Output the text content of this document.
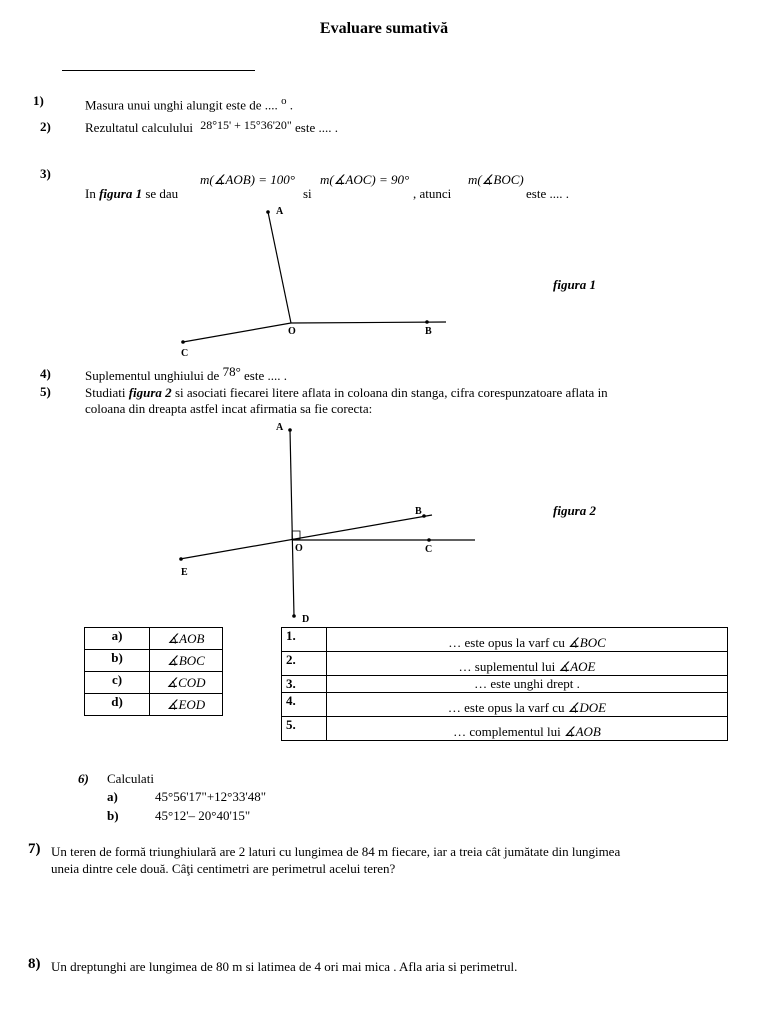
Evaluare sumativă
1)	Masura unui unghi alungit este de .... $^o$ .
2)	Rezultatul calculului 28°15' + 15°36'20" este .... .
3)	m(∡AOB) = 100° m(∡AOC) = 90°	m(∡BOC)
In figura 1 se dau	si	, atunci	este .... .
A
O	B
C
figura 1
4)	Suplementul unghiului de 78° este .... .
5)	Studiati figura 2 si asociati fiecarei litere aflata in coloana din stanga, cifra corespunzatoare aflata in
coloana din dreapta astfel incat afirmatia sa fie corecta:
A
B
O	C
E
D
figura 2
a)	∡AOB
b)	∡BOC
c)	∡COD
d)	∡EOD
1.	… este opus la varf cu ∡BOC
2.	… suplementul lui ∡AOE
3.	… este unghi drept .
4.	… este opus la varf cu ∡DOE
5.	… complementul lui ∡AOB
6) Calculati
a)	45°56'17"+12°33'48"
b)	45°12'– 20°40'15"
7) Un teren de formă triunghiulară are 2 laturi cu lungimea de 84 m fiecare, iar a treia cât jumătate din lungimea
uneia dintre cele două. Câţi centimetri are perimetrul acelui teren?
8) Un dreptunghi are lungimea de 80 m si latimea de 4 ori mai mica . Afla aria si perimetrul.
